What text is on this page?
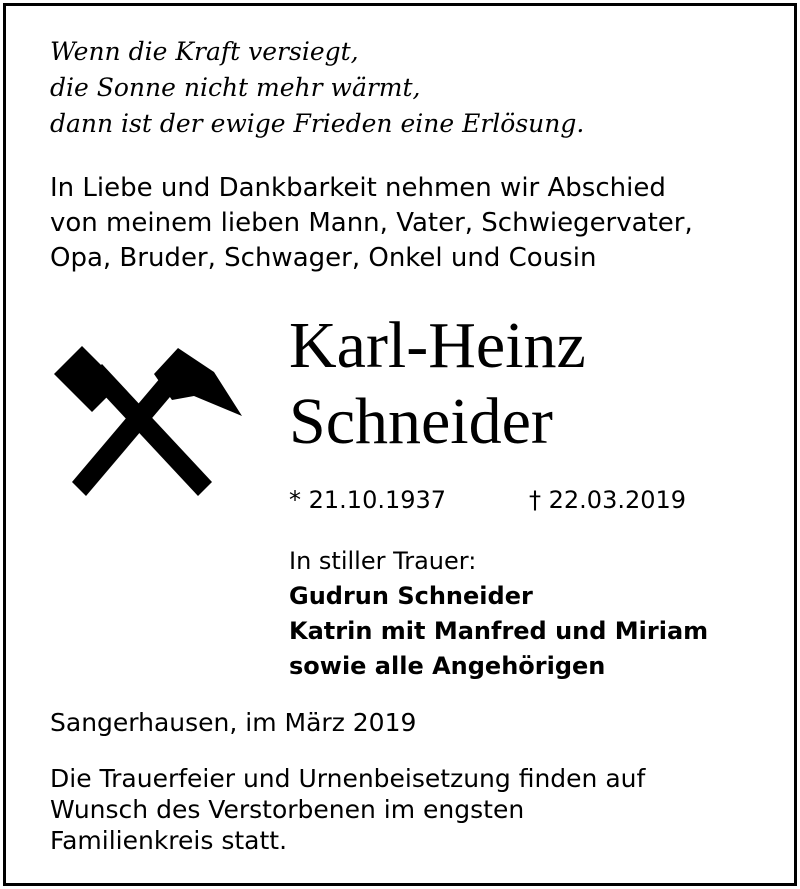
Wenn die Kraft versiegt,
die Sonne nicht mehr wärmt,
dann ist der ewige Frieden eine Erlösung.
In Liebe und Dankbarkeit nehmen wir Abschied
von meinem lieben Mann, Vater, Schwiegervater,
Opa, Bruder, Schwager, Onkel und Cousin
Karl-Heinz
Schneider
* 21.10.1937	† 22.03.2019
In stiller Trauer:
Gudrun Schneider
Katrin mit Manfred und Miriam
sowie alle Angehörigen
Sangerhausen, im März 2019
Die Trauerfeier und Urnenbeisetzung finden auf
Wunsch des Verstorbenen im engsten
Familienkreis statt.
